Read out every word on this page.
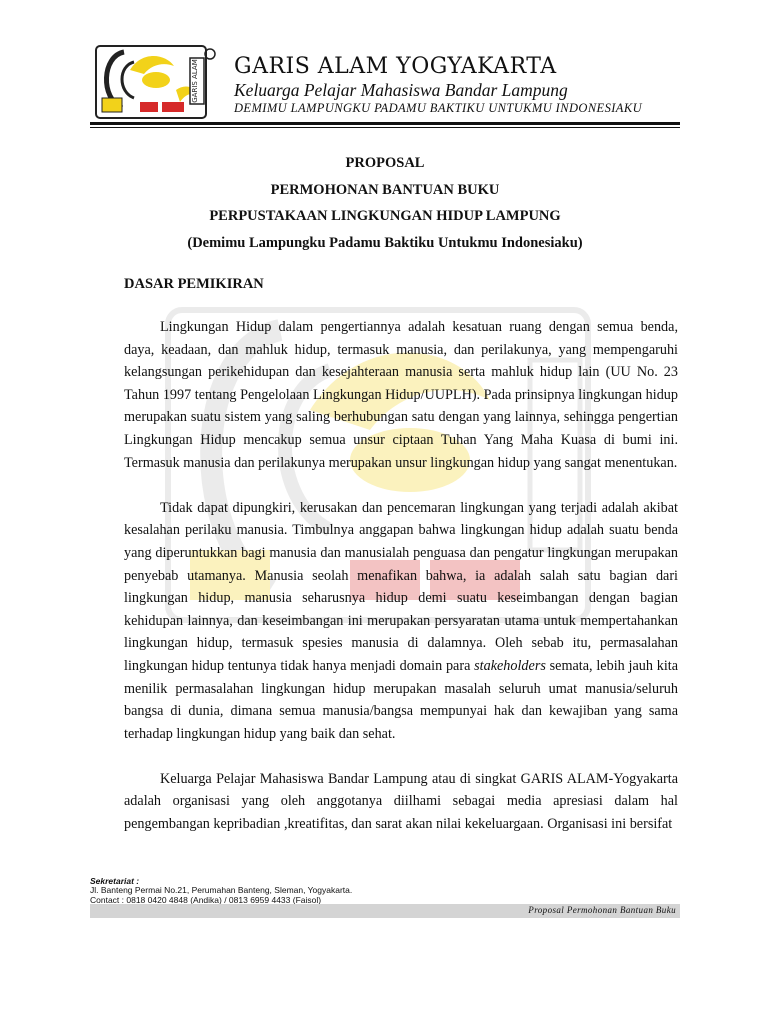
GARIS ALAM GARIS ALAM YOGYAKARTA
Keluarga Pelajar Mahasiswa Bandar Lampung
DEMIMU LAMPUNGKU PADAMU BAKTIKU UNTUKMU INDONESIAKU
PROPOSAL
PERMOHONAN BANTUAN BUKU
PERPUSTAKAAN LINGKUNGAN HIDUP LAMPUNG
(Demimu Lampungku Padamu Baktiku Untukmu Indonesiaku)
DASAR PEMIKIRAN

Lingkungan Hidup dalam pengertiannya adalah kesatuan ruang dengan semua benda, daya, keadaan, dan mahluk hidup, termasuk manusia, dan perilakunya, yang mempengaruhi kelangsungan perikehidupan dan kesejahteraan manusia serta mahluk hidup lain (UU No. 23 Tahun 1997 tentang Pengelolaan Lingkungan Hidup/UUPLH). Pada prinsipnya lingkungan hidup merupakan suatu sistem yang saling berhubungan satu dengan yang lainnya, sehingga pengertian Lingkungan Hidup mencakup semua unsur ciptaan Tuhan Yang Maha Kuasa di bumi ini. Termasuk manusia dan perilakunya merupakan unsur lingkungan hidup yang sangat menentukan.

Tidak dapat dipungkiri, kerusakan dan pencemaran lingkungan yang terjadi adalah akibat kesalahan perilaku manusia. Timbulnya anggapan bahwa lingkungan hidup adalah suatu benda yang diperuntukkan bagi manusia dan manusialah penguasa dan pengatur lingkungan merupakan penyebab utamanya. Manusia seolah menafikan bahwa, ia adalah salah satu bagian dari lingkungan hidup, manusia seharusnya hidup demi suatu keseimbangan dengan bagian kehidupan lainnya, dan keseimbangan ini merupakan persyaratan utama untuk mempertahankan lingkungan hidup, termasuk spesies manusia di dalamnya. Oleh sebab itu, permasalahan lingkungan hidup tentunya tidak hanya menjadi domain para stakeholders semata, lebih jauh kita menilik permasalahan lingkungan hidup merupakan masalah seluruh umat manusia/seluruh bangsa di dunia, dimana semua manusia/bangsa mempunyai hak dan kewajiban yang sama terhadap lingkungan hidup yang baik dan sehat.

Keluarga Pelajar Mahasiswa Bandar Lampung atau di singkat GARIS ALAM-Yogyakarta adalah organisasi yang oleh anggotanya diilhami sebagai media apresiasi dalam hal pengembangan kepribadian ,kreatifitas, dan sarat akan nilai kekeluargaan. Organisasi ini bersifat

Sekretariat :
Jl. Banteng Permai No.21, Perumahan Banteng, Sleman, Yogyakarta.
Contact : 0818 0420 4848 (Andika) / 0813 6959 4433 (Faisol)
Proposal Permohonan Bantuan Buku
